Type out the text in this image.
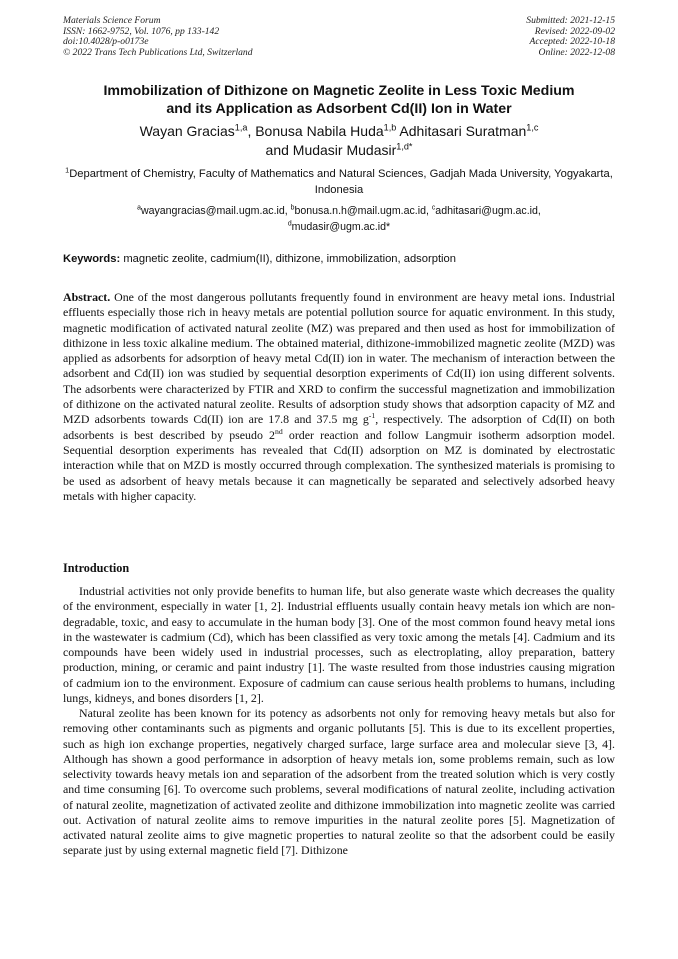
Materials Science Forum
ISSN: 1662-9752, Vol. 1076, pp 133-142
doi:10.4028/p-o0173e
© 2022 Trans Tech Publications Ltd, Switzerland
Submitted: 2021-12-15
Revised: 2022-09-02
Accepted: 2022-10-18
Online: 2022-12-08
Immobilization of Dithizone on Magnetic Zeolite in Less Toxic Medium
and its Application as Adsorbent Cd(II) Ion in Water
Wayan Gracias$^{1,a}$, Bonusa Nabila Huda$^{1,b}$ Adhitasari Suratman$^{1,c}$
and Mudasir Mudasir$^{1,d*}$
$^1$Department of Chemistry, Faculty of Mathematics and Natural Sciences, Gadjah Mada University, Yogyakarta, Indonesia
$^a$wayangracias@mail.ugm.ac.id, $^b$bonusa.n.h@mail.ugm.ac.id, $^c$adhitasari@ugm.ac.id,
$^d$mudasir@ugm.ac.id*
Keywords: magnetic zeolite, cadmium(II), dithizone, immobilization, adsorption

Abstract. One of the most dangerous pollutants frequently found in environment are heavy metal ions. Industrial effluents especially those rich in heavy metals are potential pollution source for aquatic environment. In this study, magnetic modification of activated natural zeolite (MZ) was prepared and then used as host for immobilization of dithizone in less toxic alkaline medium. The obtained material, dithizone-immobilized magnetic zeolite (MZD) was applied as adsorbents for adsorption of heavy metal Cd(II) ion in water. The mechanism of interaction between the adsorbent and Cd(II) ion was studied by sequential desorption experiments of Cd(II) ion using different solvents. The adsorbents were characterized by FTIR and XRD to confirm the successful magnetization and immobilization of dithizone on the activated natural zeolite. Results of adsorption study shows that adsorption capacity of MZ and MZD adsorbents towards Cd(II) ion are 17.8 and 37.5 mg $g^{-1}$, respectively. The adsorption of Cd(II) on both adsorbents is best described by pseudo 2nd order reaction and follow Langmuir isotherm adsorption model. Sequential desorption experiments has revealed that Cd(II) adsorption on MZ is dominated by electrostatic interaction while that on MZD is mostly occurred through complexation. The synthesized materials is promising to be used as adsorbent of heavy metals because it can magnetically be separated and selectively adsorbed heavy metals with higher capacity.

Introduction

Industrial activities not only provide benefits to human life, but also generate waste which decreases the quality of the environment, especially in water [1, 2]. Industrial effluents usually contain heavy metals ion which are non-degradable, toxic, and easy to accumulate in the human body [3]. One of the most common found heavy metal ions in the wastewater is cadmium (Cd), which has been classified as very toxic among the metals [4]. Cadmium and its compounds have been widely used in industrial processes, such as electroplating, alloy preparation, battery production, mining, or ceramic and paint industry [1]. The waste resulted from those industries causing migration of cadmium ion to the environment. Exposure of cadmium can cause serious health problems to humans, including lungs, kidneys, and bones disorders [1, 2].

Natural zeolite has been known for its potency as adsorbents not only for removing heavy metals but also for removing other contaminants such as pigments and organic pollutants [5]. This is due to its excellent properties, such as high ion exchange properties, negatively charged surface, large surface area and molecular sieve [3, 4]. Although has shown a good performance in adsorption of heavy metals ion, some problems remain, such as low selectivity towards heavy metals ion and separation of the adsorbent from the treated solution which is very costly and time consuming [6]. To overcome such problems, several modifications of natural zeolite, including activation of natural zeolite, magnetization of activated zeolite and dithizone immobilization into magnetic zeolite was carried out. Activation of natural zeolite aims to remove impurities in the natural zeolite pores [5]. Magnetization of activated natural zeolite aims to give magnetic properties to natural zeolite so that the adsorbent could be easily separate just by using external magnetic field [7]. Dithizone
